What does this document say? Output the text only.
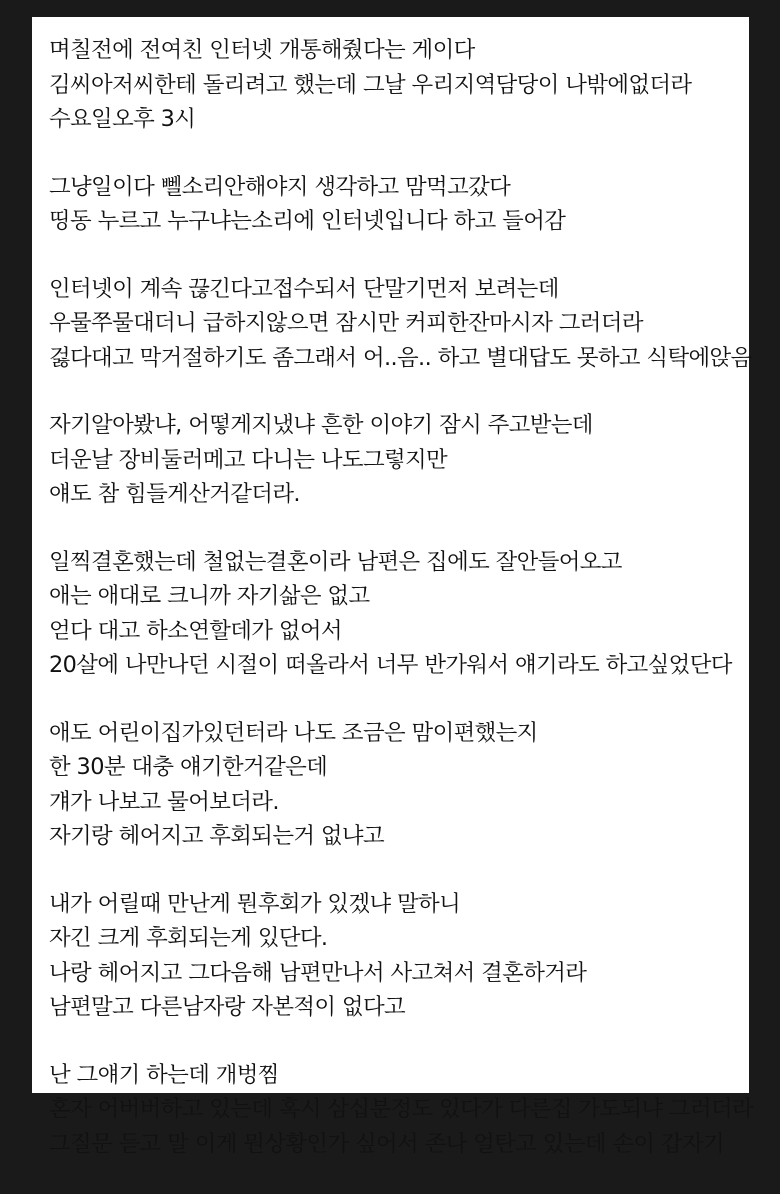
며칠전에 전여친 인터넷 개통해줬다는 게이다
김씨아저씨한테 돌리려고 했는데 그날 우리지역담당이 나밖에없더라
수요일오후 3시
그냥일이다 뻴소리안해야지 생각하고 맘먹고갔다
띵동 누르고 누구냐는소리에 인터넷입니다 하고 들어감
인터넷이 계속 끊긴다고접수되서 단말기먼저 보려는데
우물쭈물대더니 급하지않으면 잠시만 커피한잔마시자 그러더라
걿다대고 막거절하기도 좀그래서 어..음.. 하고 별대답도 못하고 식탁에앉음
자기알아봤냐, 어떻게지냈냐 흔한 이야기 잠시 주고받는데
더운날 장비둘러메고 다니는 나도그렇지만
얘도 참 힘들게산거같더라.
일찍결혼했는데 철없는결혼이라 남편은 집에도 잘안들어오고
애는 애대로 크니까 자기삶은 없고
얻다 대고 하소연할데가 없어서
20살에 나만나던 시절이 떠올라서 너무 반가워서 얘기라도 하고싶었단다
애도 어린이집가있던터라 나도 조금은 맘이편했는지
한 30분 대충 얘기한거같은데
걔가 나보고 물어보더라.
자기랑 헤어지고 후회되는거 없냐고
내가 어릴때 만난게 뭔후회가 있겠냐 말하니
자긴 크게 후회되는게 있단다.
나랑 헤어지고 그다음해 남편만나서 사고쳐서 결혼하거라
남편말고 다른남자랑 자본적이 없다고
난 그얘기 하는데 개벙찜
혼자 어버버하고 있는데 혹시 삼십분정도 있다가 다른집 가도되냐 그러더라
그질문 듣고 말 이게 뭔상황인가 싶어서 존나 얼탄고 있는데 손이 갑자기
